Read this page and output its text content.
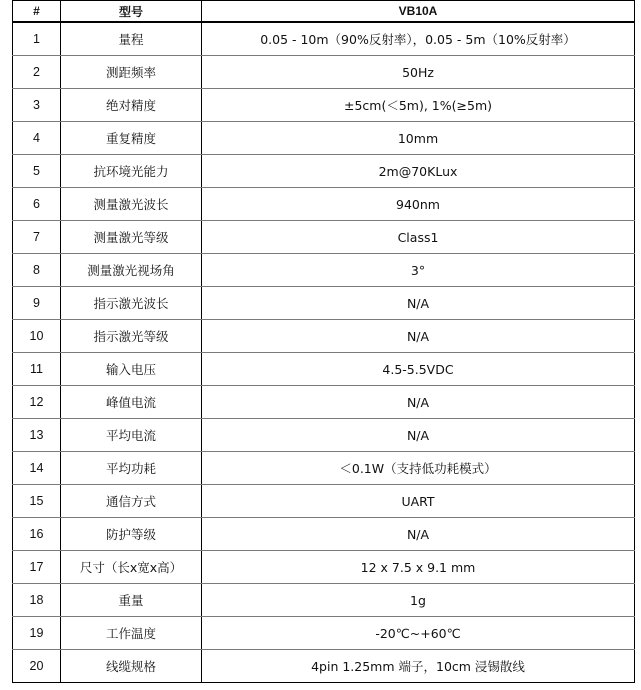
#	型号	VB10A
1	量程	0.05 - 10m（90%反射率），0.05 - 5m（10%反射率）
2	测距频率	50Hz
3	绝对精度	±5cm(＜5m), 1%(≥5m)
4	重复精度	10mm
5	抗环境光能力	2m@70KLux
6	测量激光波长	940nm
7	测量激光等级	Class1
8	测量激光视场角	3°
9	指示激光波长	N/A
10	指示激光等级	N/A
11	输入电压	4.5-5.5VDC
12	峰值电流	N/A
13	平均电流	N/A
14	平均功耗	＜0.1W（支持低功耗模式）
15	通信方式	UART
16	防护等级	N/A
17	尺寸（长x宽x高）	12 x 7.5 x 9.1 mm
18	重量	1g
19	工作温度	-20℃~+60℃
20	线缆规格	4pin 1.25mm 端子，10cm 浸锡散线
